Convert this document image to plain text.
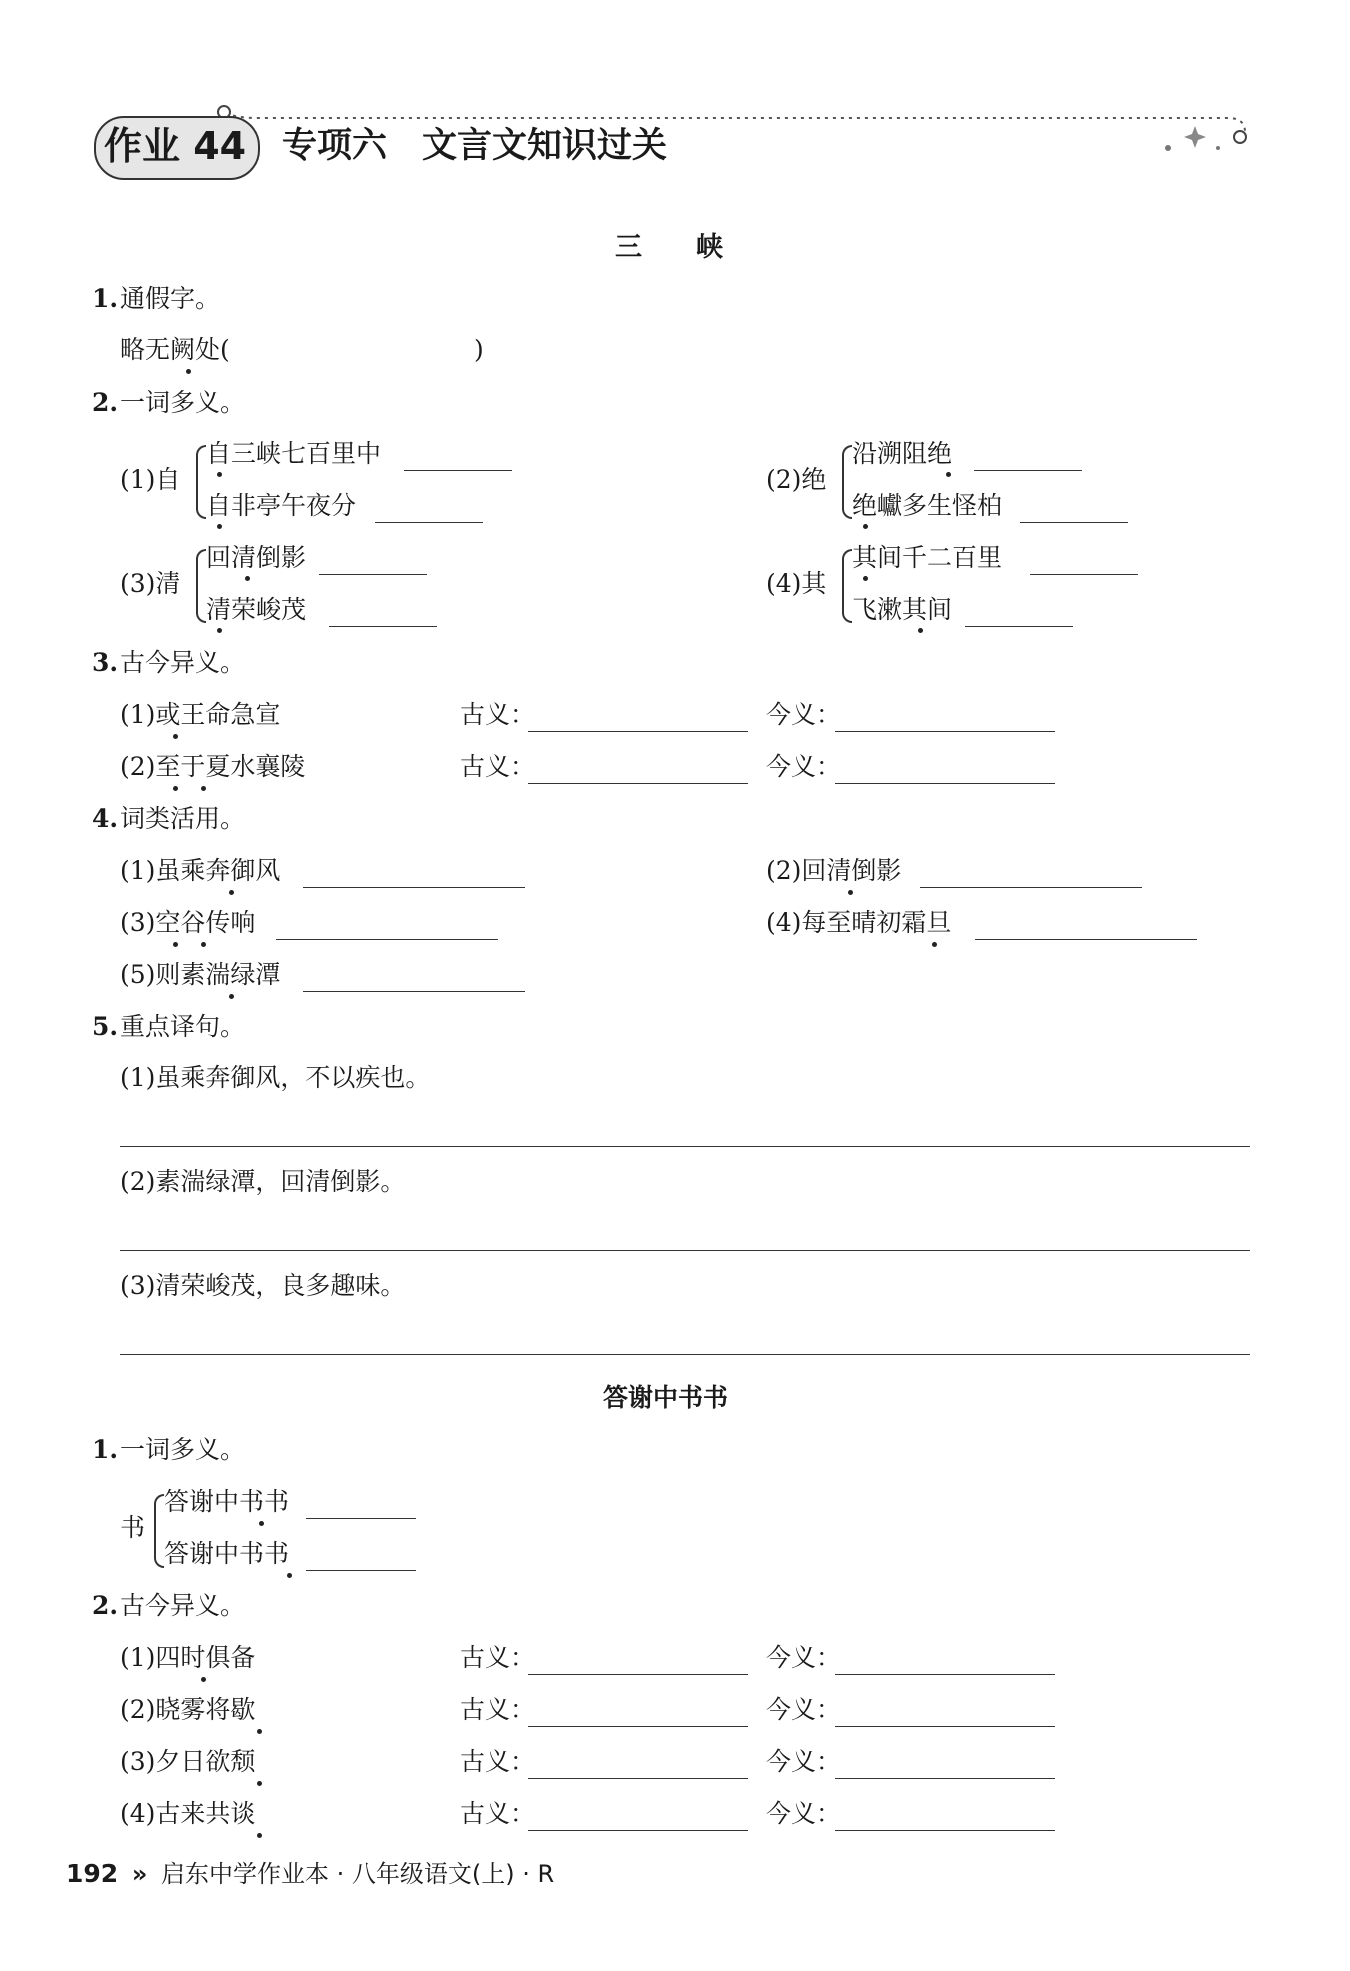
作业 44 专项六　文言文知识过关
三　　峡
1. 通假字。
略无阙处(	)
2. 一词多义。
(1)自
自三峡七百里中
自非亭午夜分
(2)绝
沿溯阻绝
绝巘多生怪柏
(3)清
回清倒影
清荣峻茂
(4)其
其间千二百里
飞漱其间
3. 古今异义。
(1)或王命急宣	古义：	今义：
(2)至于夏水襄陵	古义：	今义：
4. 词类活用。
(1)虽乘奔御风	(2)回清倒影
(3)空谷传响	(4)每至晴初霜旦
(5)则素湍绿潭
5. 重点译句。
(1)虽乘奔御风，不以疾也。
(2)素湍绿潭，回清倒影。
(3)清荣峻茂，良多趣味。
答谢中书书
1. 一词多义。
书
答谢中书书
答谢中书书
2. 古今异义。
(1)四时俱备	古义：	今义：
(2)晓雾将歇	古义：	今义：
(3)夕日欲颓	古义：	今义：
(4)古来共谈	古义：	今义：
192 » 启东中学作业本 · 八年级语文(上) · R
